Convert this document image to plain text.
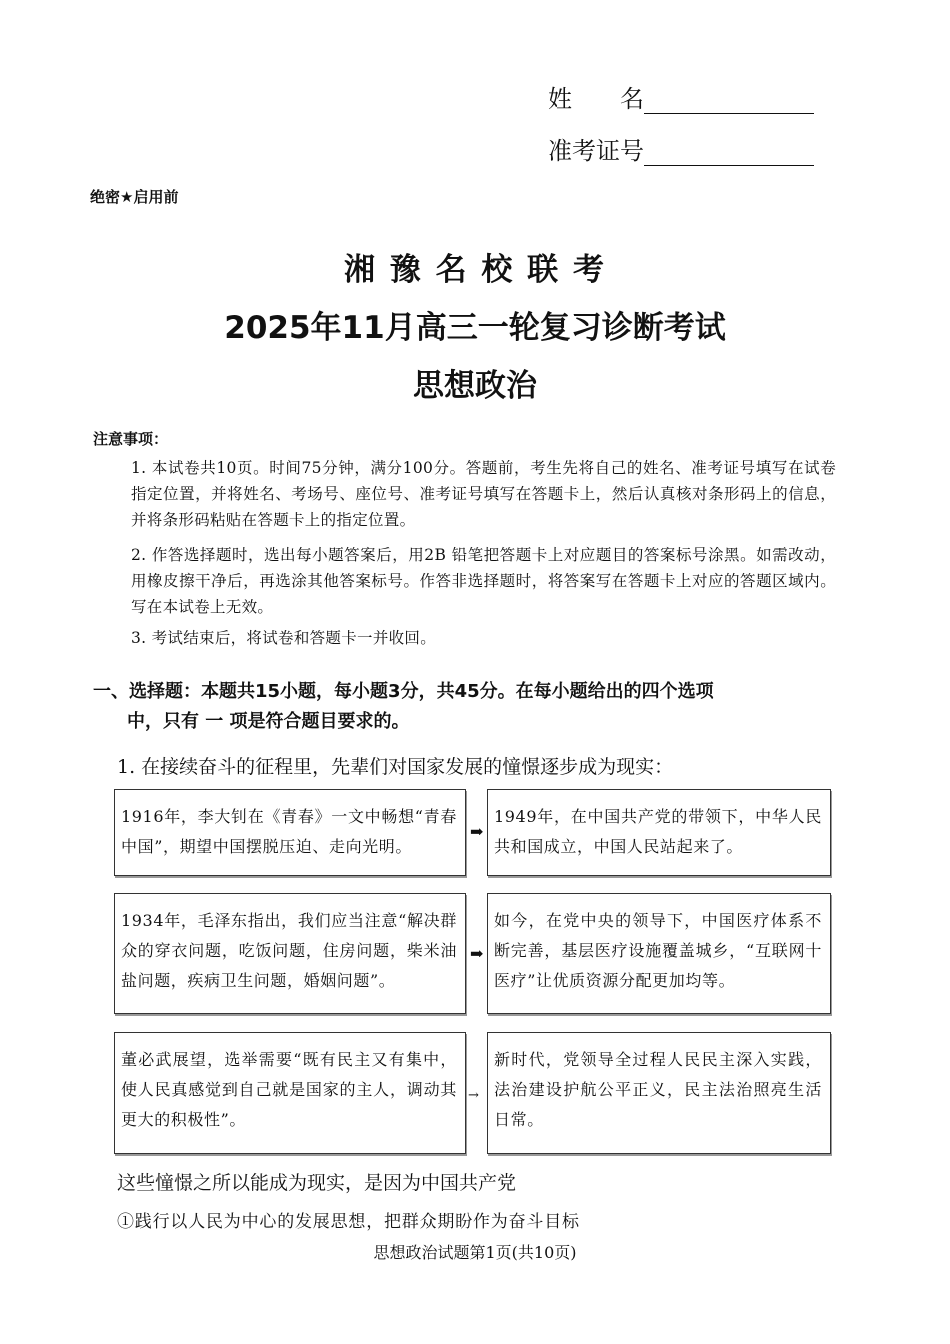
姓　　名
准考证号
绝密★启用前
湘 豫 名 校 联 考
2025年11月高三一轮复习诊断考试
思想政治
注意事项：
1. 本试卷共10页。时间75分钟，满分100分。答题前，考生先将自己的姓名、准考证号填写在试卷指定位置，并将姓名、考场号、座位号、准考证号填写在答题卡上，然后认真核对条形码上的信息，并将条形码粘贴在答题卡上的指定位置。
2. 作答选择题时，选出每小题答案后，用2B 铅笔把答题卡上对应题目的答案标号涂黑。如需改动，用橡皮擦干净后，再选涂其他答案标号。作答非选择题时，将答案写在答题卡上对应的答题区域内。写在本试卷上无效。
3. 考试结束后，将试卷和答题卡一并收回。
一、选择题：本题共15小题，每小题3分，共45分。在每小题给出的四个选项
中，只有 一 项是符合题目要求的。
1. 在接续奋斗的征程里，先辈们对国家发展的憧憬逐步成为现实：
1916年，李大钊在《青春》一文中畅想“青春中国”，期望中国摆脱压迫、走向光明。
➡
1949年，在中国共产党的带领下，中华人民共和国成立，中国人民站起来了。
1934年，毛泽东指出，我们应当注意“解决群众的穿衣问题，吃饭问题，住房问题，柴米油盐问题，疾病卫生问题，婚姻问题”。
➡
如今，在党中央的领导下，中国医疗体系不断完善，基层医疗设施覆盖城乡，“互联网十医疗”让优质资源分配更加均等。
董必武展望，选举需要“既有民主又有集中，使人民真感觉到自己就是国家的主人，调动其更大的积极性”。
→
新时代，党领导全过程人民民主深入实践，法治建设护航公平正义，民主法治照亮生活日常。
这些憧憬之所以能成为现实，是因为中国共产党
①践行以人民为中心的发展思想，把群众期盼作为奋斗目标
思想政治试题第1页(共10页)
